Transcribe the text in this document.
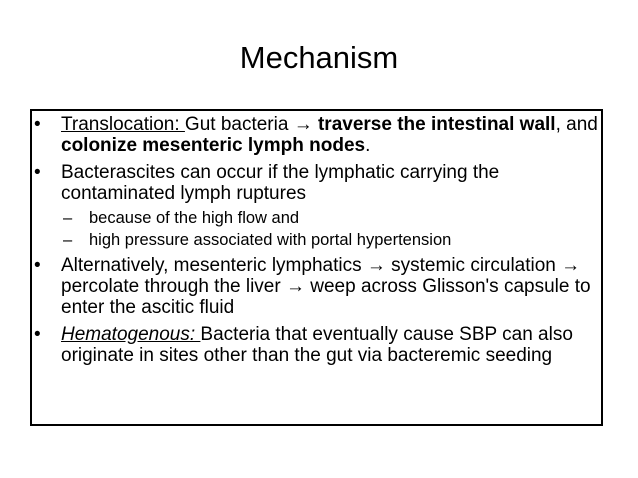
Mechanism

• Translocation: Gut bacteria → traverse the intestinal wall, and colonize mesenteric lymph nodes.

• Bacterascites can occur if the lymphatic carrying the contaminated lymph ruptures

– because of the high flow and

– high pressure associated with portal hypertension

• Alternatively, mesenteric lymphatics → systemic circulation → percolate through the liver → weep across Glisson's capsule to enter the ascitic fluid

• Hematogenous: Bacteria that eventually cause SBP can also originate in sites other than the gut via bacteremic seeding
